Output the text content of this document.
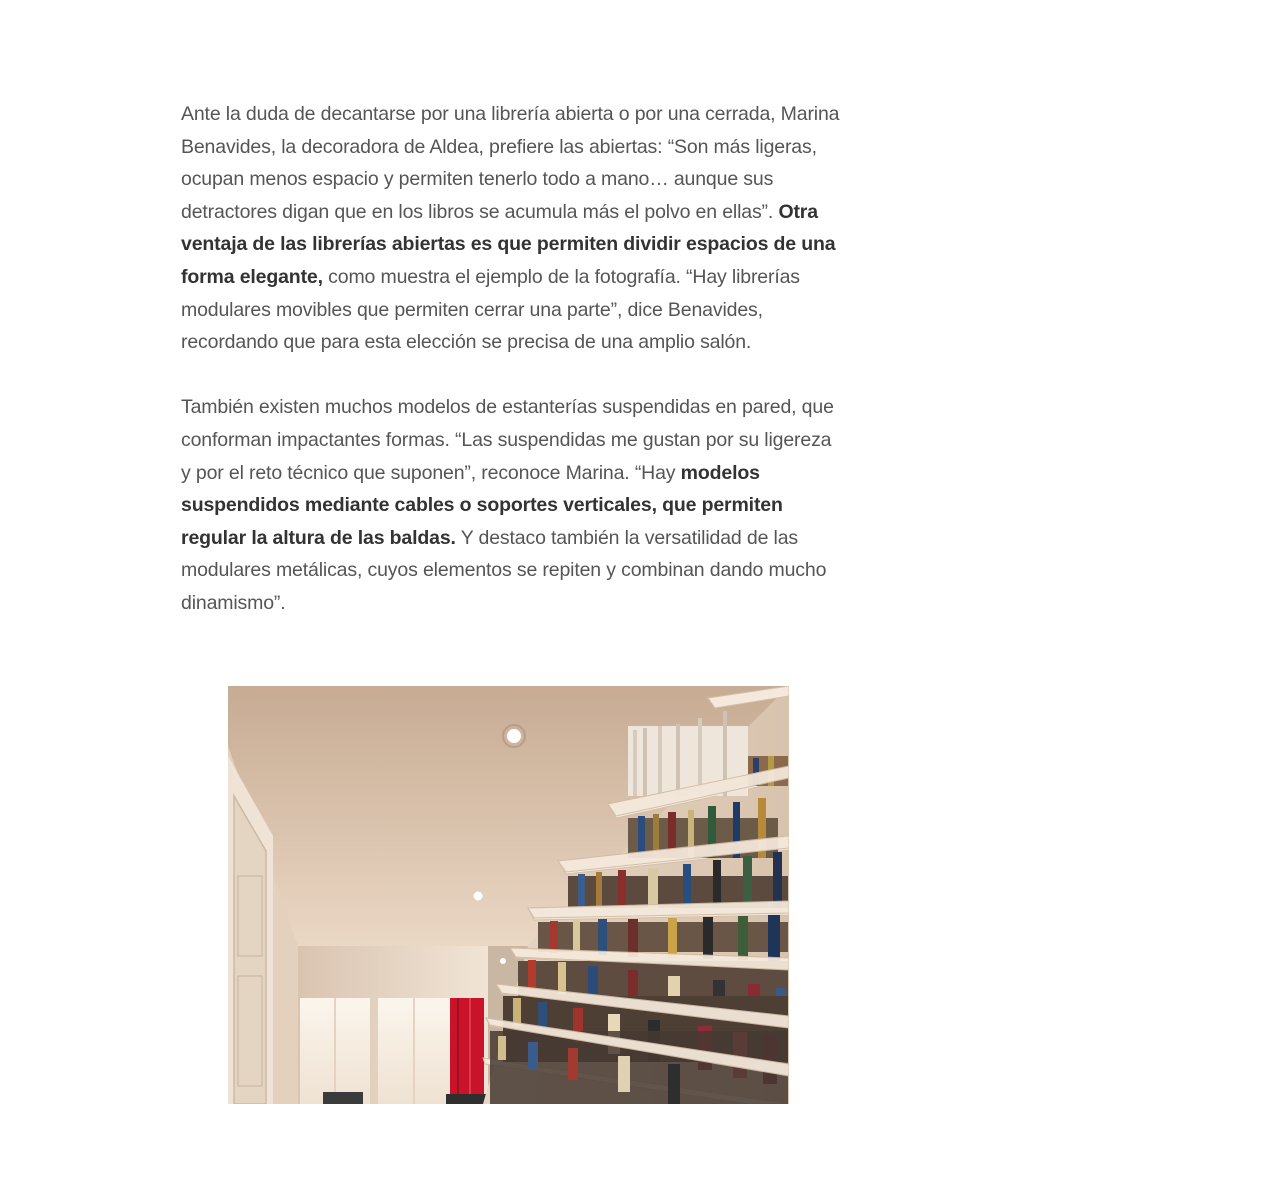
Ante la duda de decantarse por una librería abierta o por una cerrada, Marina Benavides, la decoradora de Aldea, prefiere las abiertas: “Son más ligeras, ocupan menos espacio y permiten tenerlo todo a mano… aunque sus detractores digan que en los libros se acumula más el polvo en ellas”. Otra ventaja de las librerías abiertas es que permiten dividir espacios de una forma elegante, como muestra el ejemplo de la fotografía. “Hay librerías modulares movibles que permiten cerrar una parte”, dice Benavides, recordando que para esta elección se precisa de una amplio salón.

También existen muchos modelos de estanterías suspendidas en pared, que conforman impactantes formas. “Las suspendidas me gustan por su ligereza y por el reto técnico que suponen”, reconoce Marina. “Hay modelos suspendidos mediante cables o soportes verticales, que permiten regular la altura de las baldas. Y destaco también la versatilidad de las modulares metálicas, cuyos elementos se repiten y combinan dando mucho dinamismo”.
